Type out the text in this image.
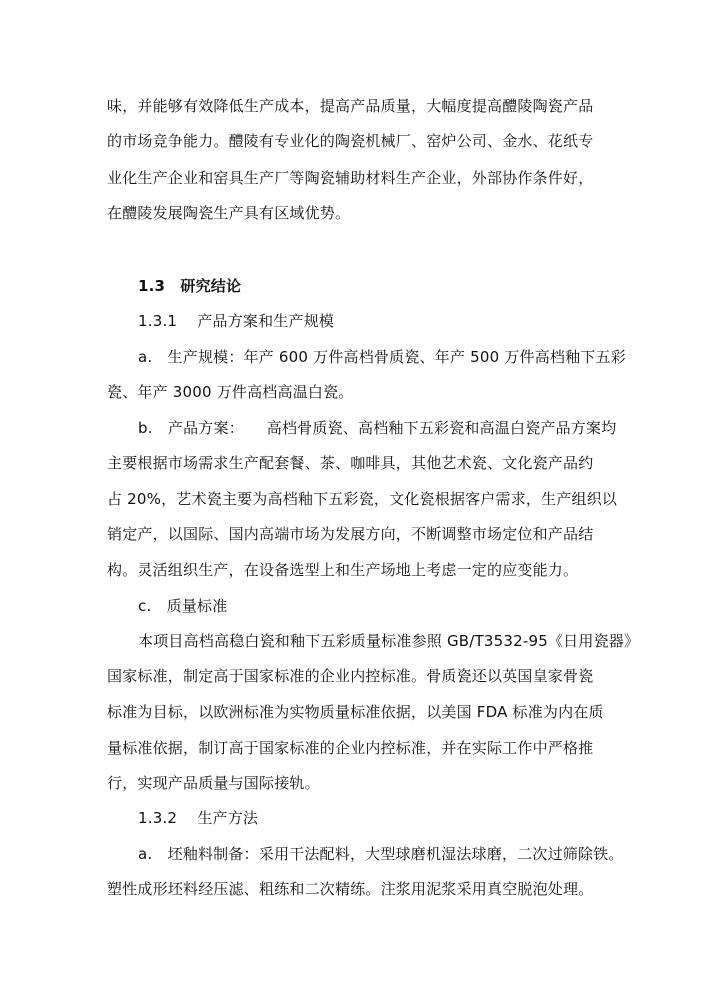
味，并能够有效降低生产成本，提高产品质量，大幅度提高醴陵陶瓷产品
的市场竞争能力。醴陵有专业化的陶瓷机械厂、窑炉公司、金水、花纸专
业化生产企业和窑具生产厂等陶瓷辅助材料生产企业，外部协作条件好，
在醴陵发展陶瓷生产具有区域优势。
1.3　研究结论
1.3.1　 产品方案和生产规模
a.　生产规模：年产 600 万件高档骨质瓷、年产 500 万件高档釉下五彩
瓷、年产 3000 万件高档高温白瓷。
b.　产品方案：　　高档骨质瓷、高档釉下五彩瓷和高温白瓷产品方案均
主要根据市场需求生产配套餐、茶、咖啡具，其他艺术瓷、文化瓷产品约
占 20%，艺术瓷主要为高档釉下五彩瓷，文化瓷根据客户需求，生产组织以
销定产，以国际、国内高端市场为发展方向，不断调整市场定位和产品结
构。灵活组织生产，在设备选型上和生产场地上考虑一定的应变能力。
c.　质量标准
本项目高档高稳白瓷和釉下五彩质量标准参照 GB/T3532-95《日用瓷器》
国家标准，制定高于国家标准的企业内控标准。骨质瓷还以英国皇家骨瓷
标准为目标，以欧洲标准为实物质量标准依据，以美国 FDA 标准为内在质
量标准依据，制订高于国家标准的企业内控标准，并在实际工作中严格推
行，实现产品质量与国际接轨。
1.3.2　 生产方法
a.　坯釉料制备：采用干法配料，大型球磨机湿法球磨，二次过筛除铁。
塑性成形坯料经压滤、粗练和二次精练。注浆用泥浆采用真空脱泡处理。
